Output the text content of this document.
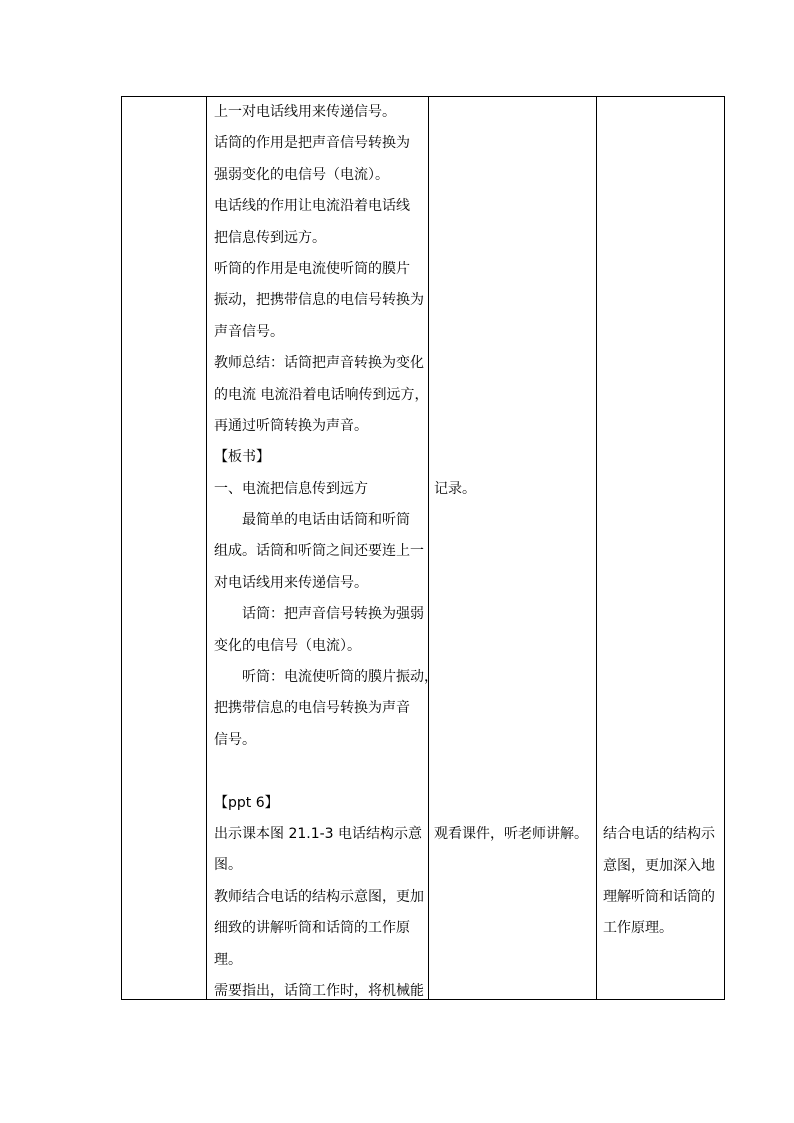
上一对电话线用来传递信号。
话筒的作用是把声音信号转换为
强弱变化的电信号（电流）。
电话线的作用让电流沿着电话线
把信息传到远方。
听筒的作用是电流使听筒的膜片
振动，把携带信息的电信号转换为
声音信号。
教师总结：话筒把声音转换为变化
的电流 电流沿着电话响传到远方，
再通过听筒转换为声音。
【板书】
一、电流把信息传到远方
最简单的电话由话筒和听筒
组成。话筒和听筒之间还要连上一
对电话线用来传递信号。
话筒：把声音信号转换为强弱
变化的电信号（电流）。
听筒：电流使听筒的膜片振动，
把携带信息的电信号转换为声音
信号。
【ppt 6】
出示课本图 21.1-3 电话结构示意
图。
教师结合电话的结构示意图，更加
细致的讲解听筒和话筒的工作原
理。
需要指出，话筒工作时，将机械能
记录。
观看课件，听老师讲解。	结合电话的结构示
意图，更加深入地
理解听筒和话筒的
工作原理。
